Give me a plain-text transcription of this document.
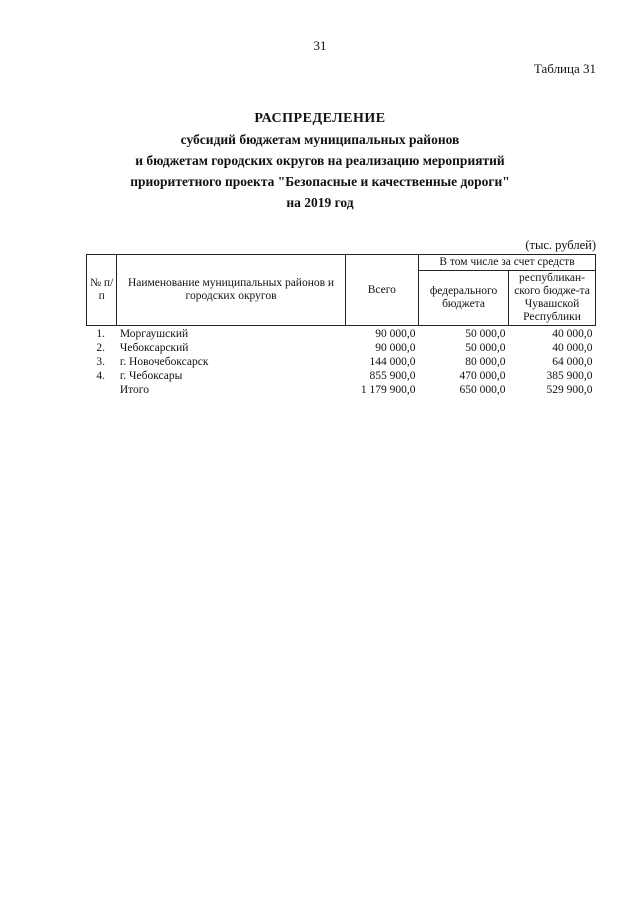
31
Таблица 31
РАСПРЕДЕЛЕНИЕ
субсидий бюджетам муниципальных районов
и бюджетам городских округов на реализацию мероприятий
приоритетного проекта "Безопасные и качественные дороги"
на 2019 год
(тыс. рублей)
№ п/п	Наименование муниципальных районов и городских округов	Всего	В том числе за счет средств	
			федерального бюджета	республикан-ского бюдже-та Чувашской Республики
1.	Моргаушский	90 000,0	50 000,0	40 000,0
2.	Чебоксарский	90 000,0	50 000,0	40 000,0
3.	г. Новочебоксарск	144 000,0	80 000,0	64 000,0
4.	г. Чебоксары	855 900,0	470 000,0	385 900,0
	Итого	1 179 900,0	650 000,0	529 900,0
